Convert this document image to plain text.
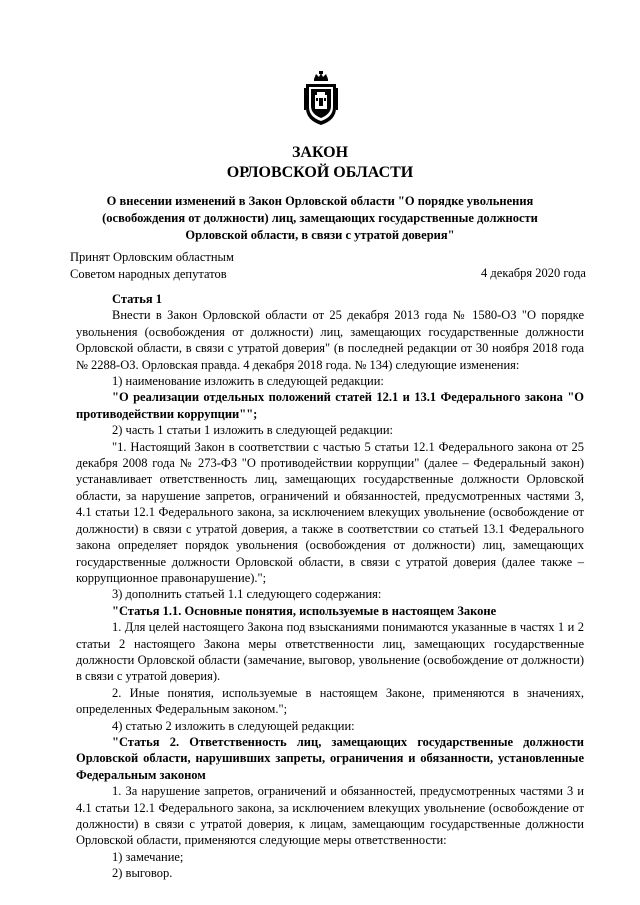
ЗАКОН
ОРЛОВСКОЙ ОБЛАСТИ
О внесении изменений в Закон Орловской области "О порядке увольнения
(освобождения от должности) лиц, замещающих государственные должности
Орловской области, в связи с утратой доверия"
Принят Орловским областным
Советом народных депутатов	4 декабря 2020 года

Статья 1

Внести в Закон Орловской области от 25 декабря 2013 года № 1580-ОЗ "О порядке увольнения (освобождения от должности) лиц, замещающих государственные должности Орловской области, в связи с утратой доверия" (в последней редакции от 30 ноября 2018 года № 2288-ОЗ. Орловская правда. 4 декабря 2018 года. № 134) следующие изменения:

1) наименование изложить в следующей редакции:

"О реализации отдельных положений статей 12.1 и 13.1 Федерального закона "О противодействии коррупции"";

2) часть 1 статьи 1 изложить в следующей редакции:

"1. Настоящий Закон в соответствии с частью 5 статьи 12.1 Федерального закона от 25 декабря 2008 года № 273-ФЗ "О противодействии коррупции" (далее – Федеральный закон) устанавливает ответственность лиц, замещающих государственные должности Орловской области, за нарушение запретов, ограничений и обязанностей, предусмотренных частями 3, 4.1 статьи 12.1 Федерального закона, за исключением влекущих увольнение (освобождение от должности) в связи с утратой доверия, а также в соответствии со статьей 13.1 Федерального закона определяет порядок увольнения (освобождения от должности) лиц, замещающих государственные должности Орловской области, в связи с утратой доверия (далее также – коррупционное правонарушение).";

3) дополнить статьей 1.1 следующего содержания:

"Статья 1.1. Основные понятия, используемые в настоящем Законе

1. Для целей настоящего Закона под взысканиями понимаются указанные в частях 1 и 2 статьи 2 настоящего Закона меры ответственности лиц, замещающих государственные должности Орловской области (замечание, выговор, увольнение (освобождение от должности) в связи с утратой доверия).

2. Иные понятия, используемые в настоящем Законе, применяются в значениях, определенных Федеральным законом.";

4) статью 2 изложить в следующей редакции:

"Статья 2. Ответственность лиц, замещающих государственные должности Орловской области, нарушивших запреты, ограничения и обязанности, установленные Федеральным законом

1. За нарушение запретов, ограничений и обязанностей, предусмотренных частями 3 и 4.1 статьи 12.1 Федерального закона, за исключением влекущих увольнение (освобождение от должности) в связи с утратой доверия, к лицам, замещающим государственные должности Орловской области, применяются следующие меры ответственности:

1) замечание;

2) выговор.
